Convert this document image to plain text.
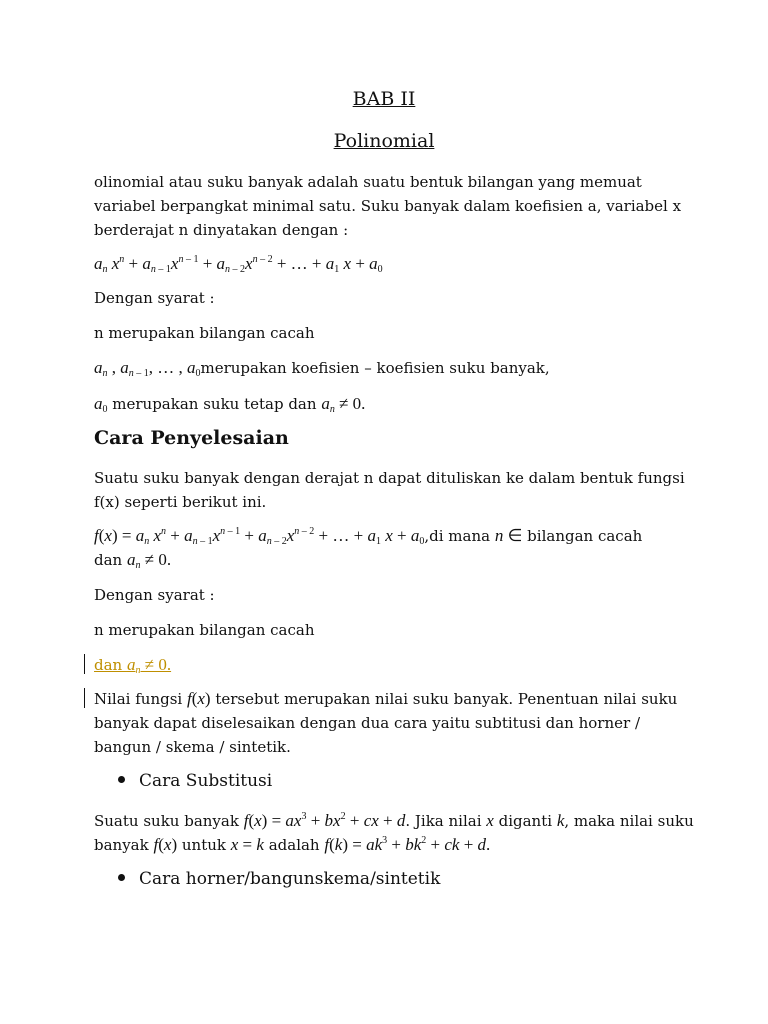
BAB II
Polinomial
olinomial atau suku banyak adalah suatu bentuk bilangan yang memuat variabel berpangkat minimal satu. Suku banyak dalam koefisien a, variabel x berderajat n dinyatakan dengan :
$a_n$ $x^n + a_{n - 1}x^{n - 1} + a_{n - 2}x^{n - 2}$ + … + $a_1$ $x + a_0$
Dengan syarat :
n merupakan bilangan cacah
$a_n$ , $a_{n - 1}$, … , $a_0merupakan$ koefisien – koefisien suku banyak,
$a_0$ merupakan suku tetap dan $a_n \ne 0$.
Cara Penyelesaian
Suatu suku banyak dengan derajat n dapat dituliskan ke dalam bentuk fungsi f(x) seperti berikut ini.
$f(x) = a_n$ $x^n + a_{n - 1}x^{n - 1} + a_{n - 2}x^{n - 2}$ + … + $a_1$ $x + a_0,di$ mana n ∈ bilangan cacah
dan $a_n \ne 0$.
Dengan syarat :
n merupakan bilangan cacah
dan $a_n \ne 0$.
Nilai fungsi f(x) tersebut merupakan nilai suku banyak. Penentuan nilai suku banyak dapat diselesaikan dengan dua cara yaitu subtitusi dan horner / bangun / skema / sintetik.
Cara Substitusi
Suatu suku banyak $f(x) = ax^3 + bx^2$ + cx + d. Jika nilai x diganti k, maka nilai suku banyak f(x) untuk x = k adalah $f(k) = ak^3 + bk^2$ + ck + d.
Cara horner/bangunskema/sintetik
